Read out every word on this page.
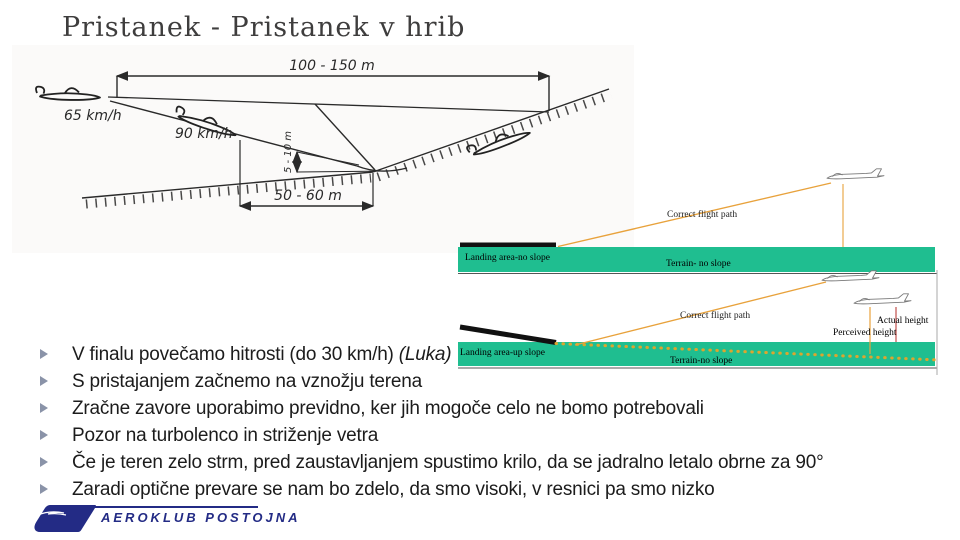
Pristanek - Pristanek v hrib
100 - 150 m
5 - 10 m
50 - 60 m
65 km/h
90 km/h
Correct flight path
Landing area-no slope
Terrain- no slope
Correct flight path	Actual height
Perceived height
Landing area-up slope
Terrain-no slope
V finalu povečamo hitrosti (do 30 km/h) (Luka)
S pristajanjem začnemo na vznožju terena
Zračne zavore uporabimo previdno, ker jih mogoče celo ne bomo potrebovali
Pozor na turbolenco in striženje vetra
Če je teren zelo strm, pred zaustavljanjem spustimo krilo, da se jadralno letalo obrne za 90°
Zaradi optične prevare se nam bo zdelo, da smo visoki, v resnici pa smo nizko
AEROKLUB POSTOJNA
